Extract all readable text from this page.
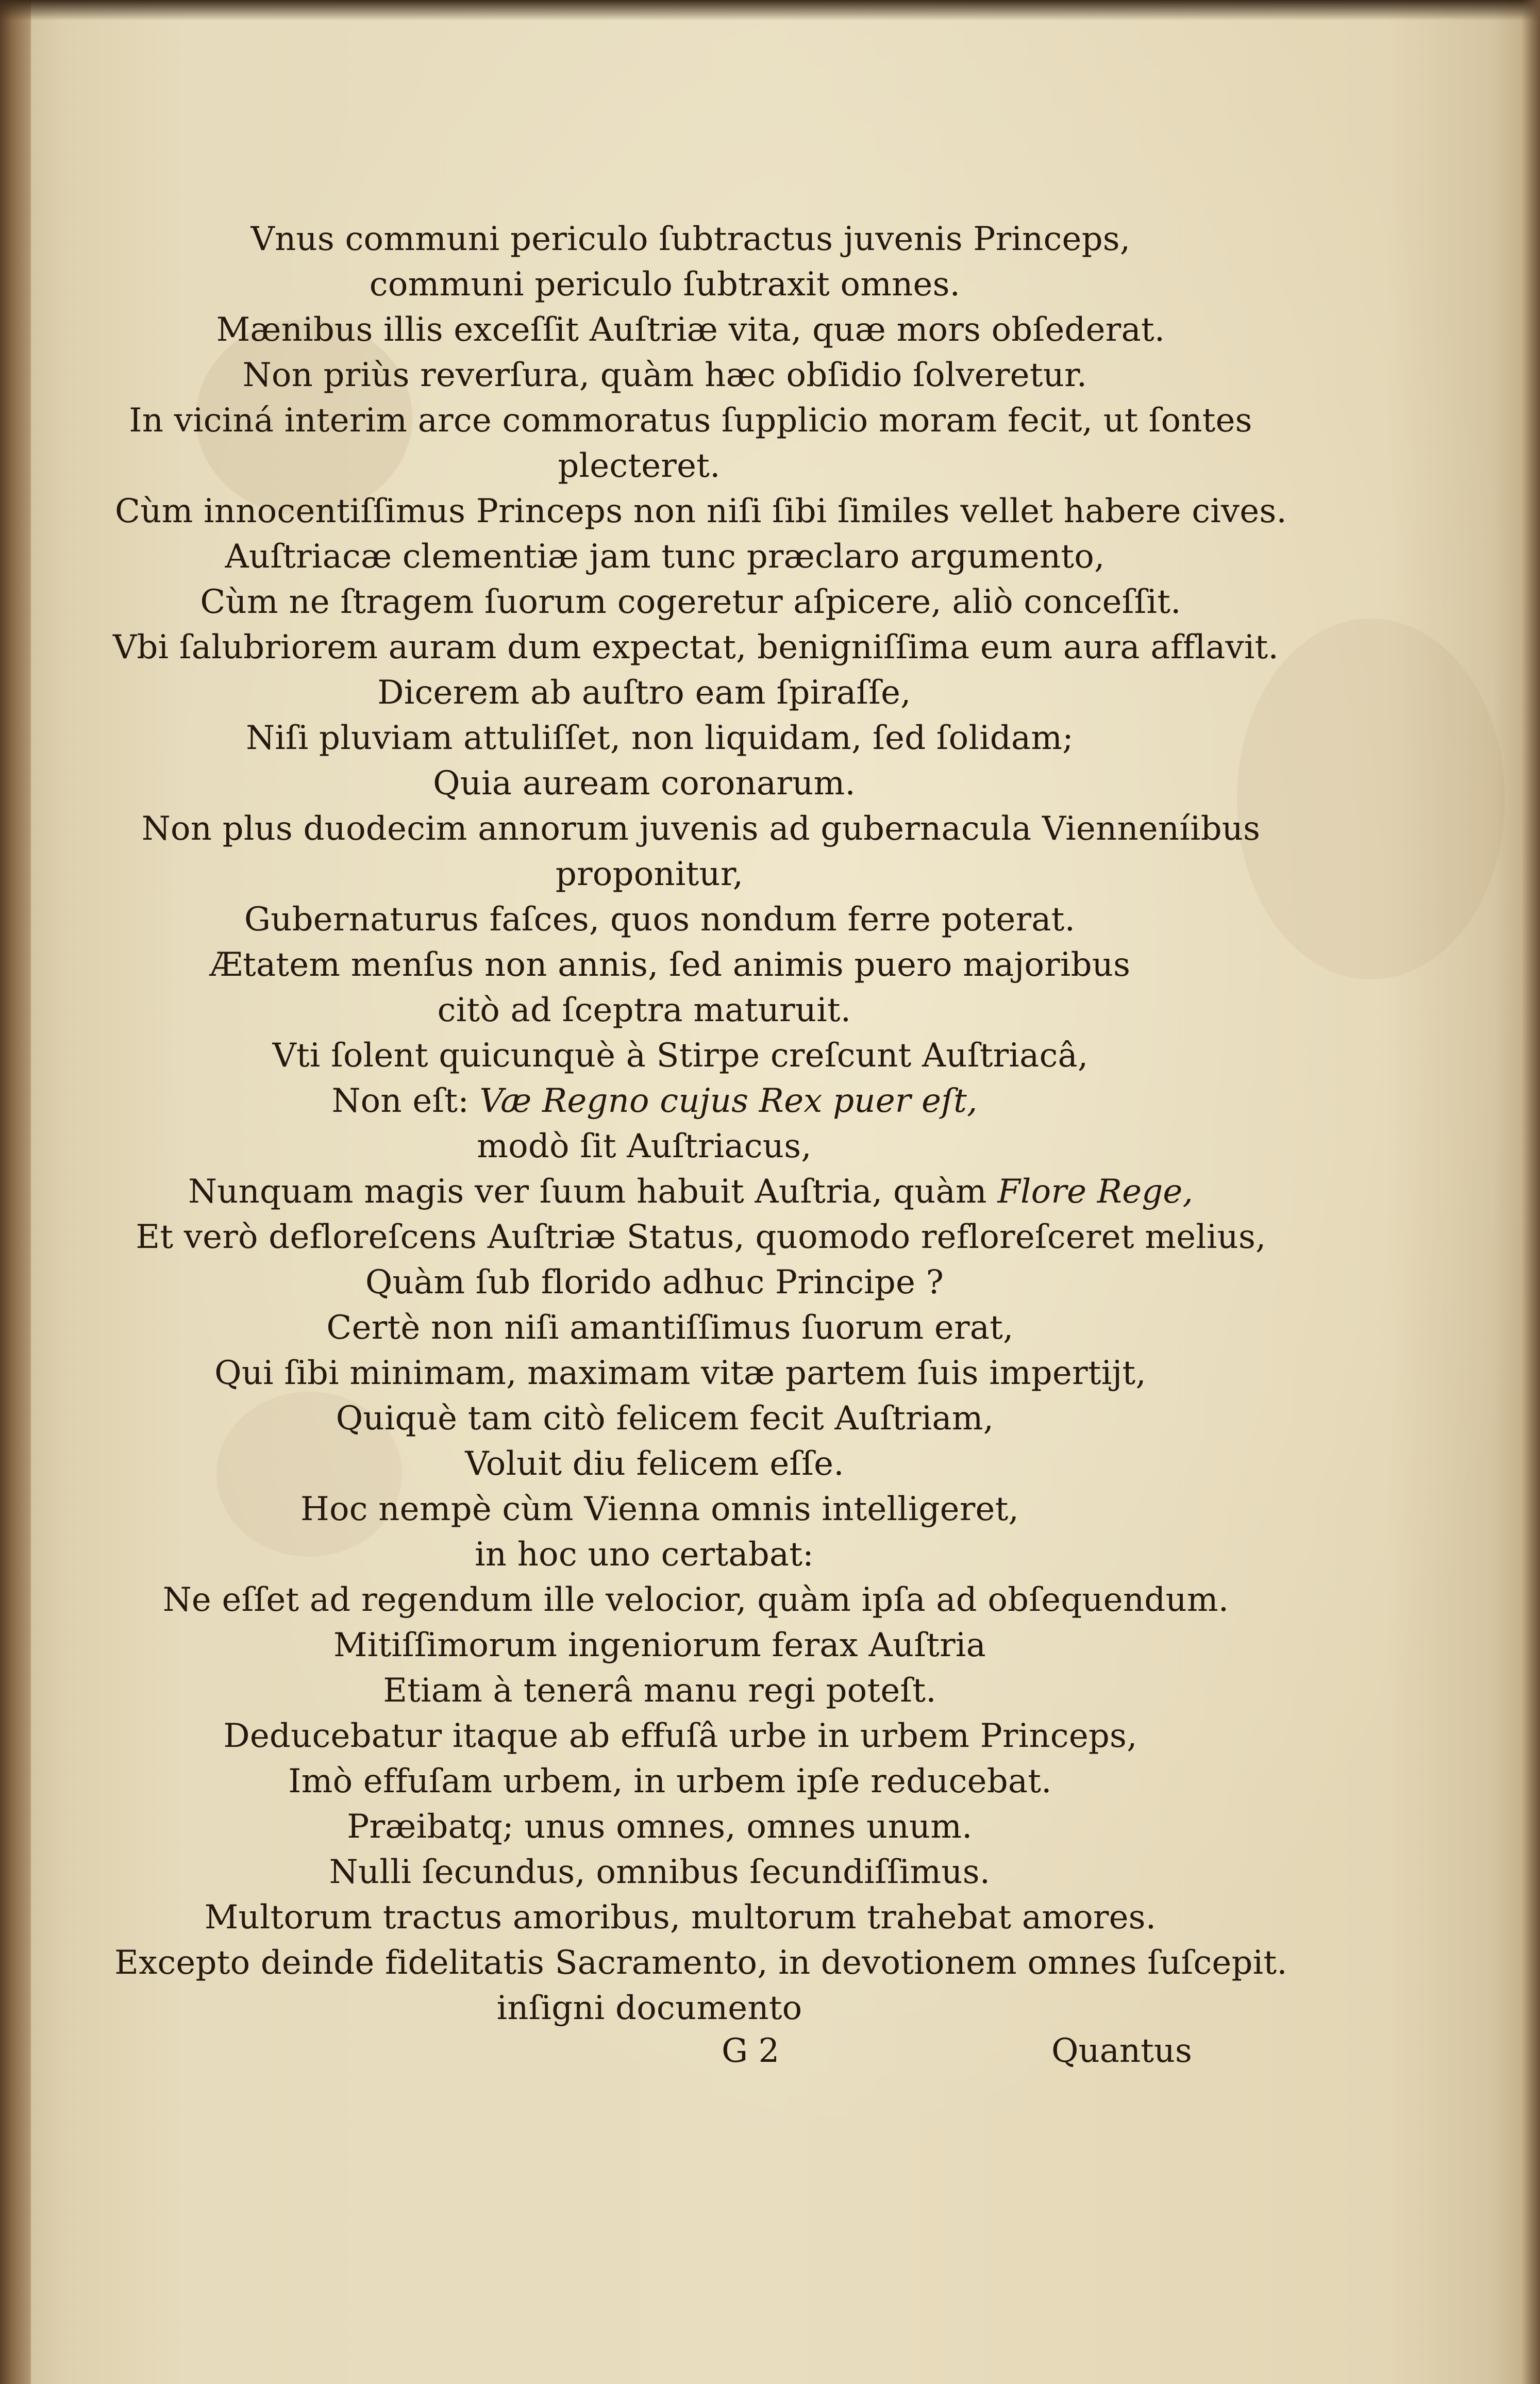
Vnus communi periculo ſubtractus juvenis Princeps,
communi periculo ſubtraxit omnes.
Mænibus illis exceſſit Auſtriæ vita, quæ mors obſederat.
Non priùs reverſura, quàm hæc obſidio ſolveretur.
In viciná interim arce commoratus ſupplicio moram fecit, ut ſontes
plecteret.
Cùm innocentiſſimus Princeps non niſi ſibi ſimiles vellet habere cives.
Auſtriacæ clementiæ jam tunc præclaro argumento,
Cùm ne ſtragem ſuorum cogeretur aſpicere, aliò conceſſit.
Vbi ſalubriorem auram dum expectat, benigniſſima eum aura afflavit.
Dicerem ab auſtro eam ſpiraſſe,
Niſi pluviam attuliſſet, non liquidam, ſed ſolidam;
Quia auream coronarum.
Non plus duodecim annorum juvenis ad gubernacula Vienneníibus
proponitur,
Gubernaturus faſces, quos nondum ferre poterat.
Ætatem menſus non annis, ſed animis puero majoribus
citò ad ſceptra maturuit.
Vti ſolent quicunquè à Stirpe creſcunt Auſtriacâ,
Non eſt: Væ Regno cujus Rex puer eſt,
modò ſit Auſtriacus,
Nunquam magis ver ſuum habuit Auſtria, quàm Flore Rege,
Et verò defloreſcens Auſtriæ Status, quomodo refloreſceret melius,
Quàm ſub florido adhuc Principe ?
Certè non niſi amantiſſimus ſuorum erat,
Qui ſibi minimam, maximam vitæ partem ſuis impertijt,
Quiquè tam citò felicem fecit Auſtriam,
Voluit diu felicem eſſe.
Hoc nempè cùm Vienna omnis intelligeret,
in hoc uno certabat:
Ne eſſet ad regendum ille velocior, quàm ipſa ad obſequendum.
Mitiſſimorum ingeniorum ferax Auſtria
Etiam à tenerâ manu regi poteſt.
Deducebatur itaque ab effuſâ urbe in urbem Princeps,
Imò effuſam urbem, in urbem ipſe reducebat.
Præibatq; unus omnes, omnes unum.
Nulli ſecundus, omnibus ſecundiſſimus.
Multorum tractus amoribus, multorum trahebat amores.
Excepto deinde fidelitatis Sacramento, in devotionem omnes ſuſcepit.
inſigni documento
G 2	Quantus
